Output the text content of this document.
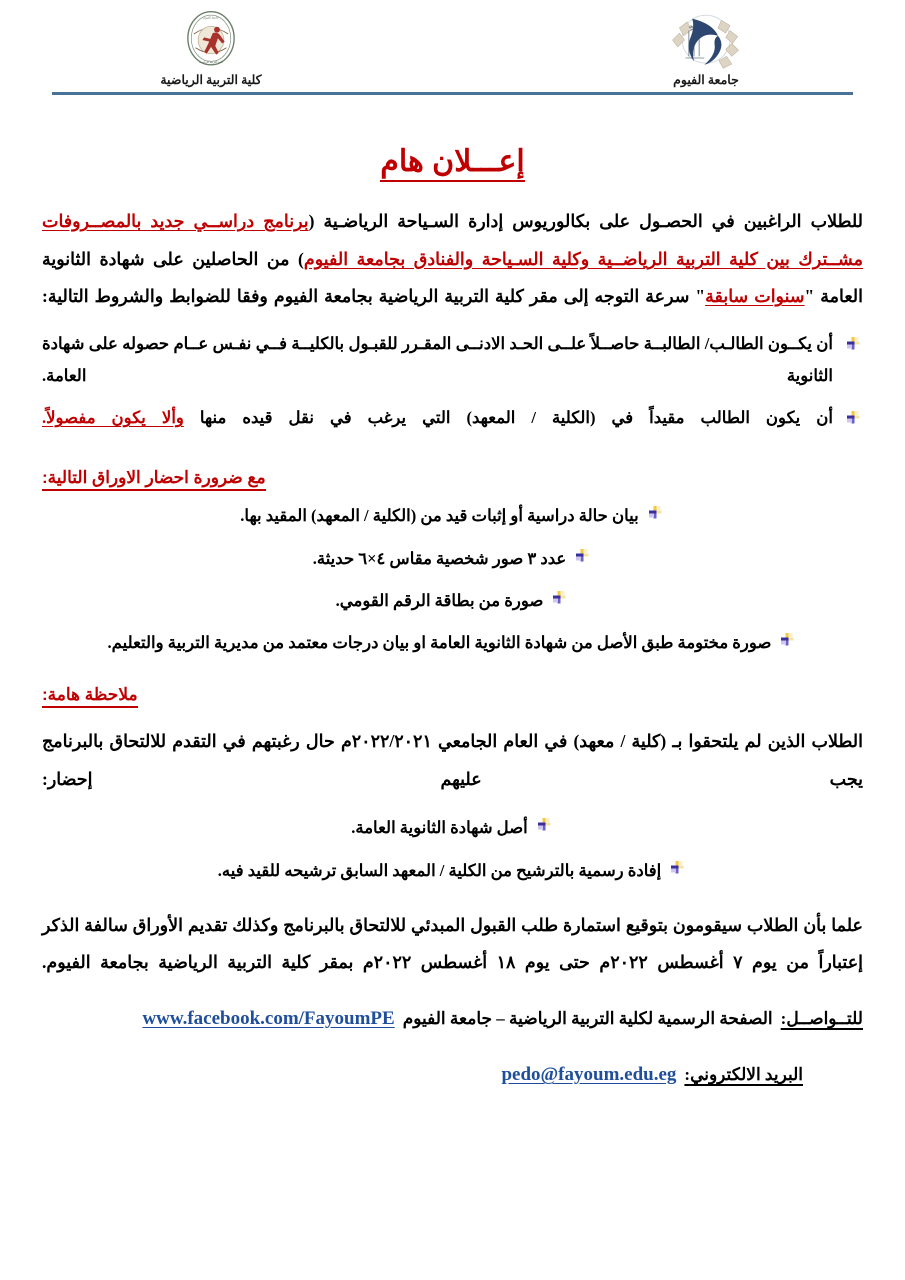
جامعة الفيوم
كلية التربية الرياضية
كلية التربية الرياضية	جامعة الفيوم
إعـــلان هام

للطلاب الراغبين في الحصـول على بكالوريوس إدارة السـياحة الرياضـية (برنامج دراســي جديد بالمصــروفات

مشــترك بين كلية التربية الرياضــية وكلية السـياحة والفنادق بجامعة الفيوم) من الحاصلين على شهادة الثانوية

العامة "سنوات سابقة" سرعة التوجه إلى مقر كلية التربية الرياضية بجامعة الفيوم وفقا للضوابط والشروط التالية:

أن يكــون الطالـب/ الطالبــة حاصــلاً علــى الحـد الادنــى المقـرر للقبـول بالكليــة فــي نفـس عــام حصوله على شهادة الثانوية العامة.
أن يكون الطالب مقيداً في (الكلية / المعهد) التي يرغب في نقل قيده منها وألا يكون مفصولاً.
مع ضرورة احضار الاوراق التالية:
بيان حالة دراسية أو إثبات قيد من (الكلية / المعهد) المقيد بها.
عدد ٣ صور شخصية مقاس ٤×٦ حديثة.
صورة من بطاقة الرقم القومي.
صورة مختومة طبق الأصل من شهادة الثانوية العامة او بيان درجات معتمد من مديرية التربية والتعليم.
ملاحظة هامة:

الطلاب الذين لم يلتحقوا بـ (كلية / معهد) في العام الجامعي ٢٠٢٢/٢٠٢١م حال رغبتهم في التقدم للالتحاق بالبرنامج يجب عليهم إحضار:

أصل شهادة الثانوية العامة.
إفادة رسمية بالترشيح من الكلية / المعهد السابق ترشيحه للقيد فيه.

علما بأن الطلاب سيقومون بتوقيع استمارة طلب القبول المبدئي للالتحاق بالبرنامج وكذلك تقديم الأوراق سالفة الذكر إعتباراً من يوم ٧ أغسطس ٢٠٢٢م حتى يوم ١٨ أغسطس ٢٠٢٢م بمقر كلية التربية الرياضية بجامعة الفيوم.

للتــواصــل:
الصفحة الرسمية لكلية التربية الرياضية – جامعة الفيوم
www.facebook.com/FayoumPE
البريد الالكتروني:
pedo@fayoum.edu.eg
